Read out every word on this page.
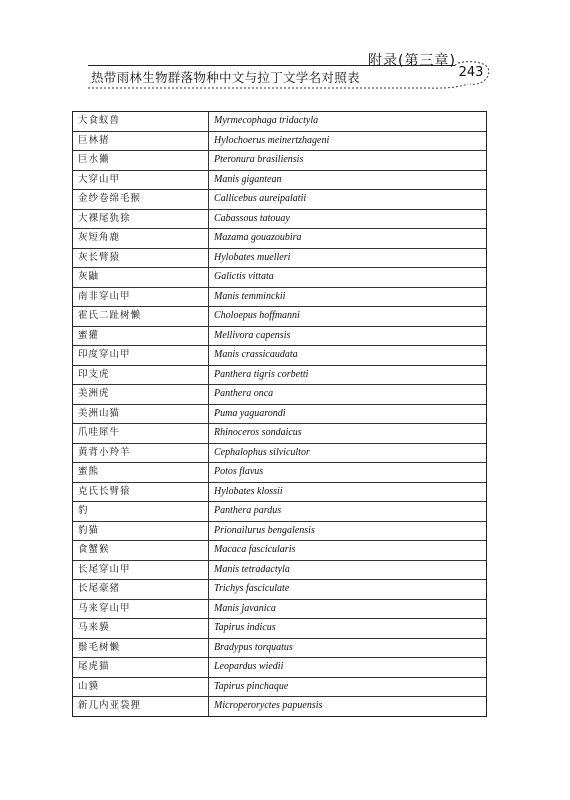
附录(第三章)
热带雨林生物群落物种中文与拉丁文学名对照表	243
大食蚁兽	Myrmecophaga tridactyla
巨林猪	Hylochoerus meinertzhageni
巨水獭	Pteronura brasiliensis
大穿山甲	Manis gigantean
金纱卷绵毛猴	Callicebus aureipalatii
大裸尾犰狳	Cabassous tatouay
灰短角鹿	Mazama gouazoubira
灰长臂猿	Hylobates muelleri
灰鼬	Galictis vittata
南非穿山甲	Manis temminckii
霍氏二趾树懒	Choloepus hoffmanni
蜜獾	Mellivora capensis
印度穿山甲	Manis crassicaudata
印支虎	Panthera tigris corbetti
美洲虎	Panthera onca
美洲山猫	Puma yaguarondi
爪哇犀牛	Rhinoceros sondaicus
黄背小羚羊	Cephalophus silvicultor
蜜熊	Potos flavus
克氏长臂猿	Hylobates klossii
豹	Panthera pardus
豹猫	Prionailurus bengalensis
食蟹猴	Macaca fascicularis
长尾穿山甲	Manis tetradactyla
长尾豪猪	Trichys fasciculate
马来穿山甲	Manis javanica
马来貘	Tapirus indicus
鬃毛树懒	Bradypus torquatus
尾虎猫	Leopardus wiedii
山貘	Tapirus pinchaque
新几内亚袋狸	Microperoryctes papuensis
